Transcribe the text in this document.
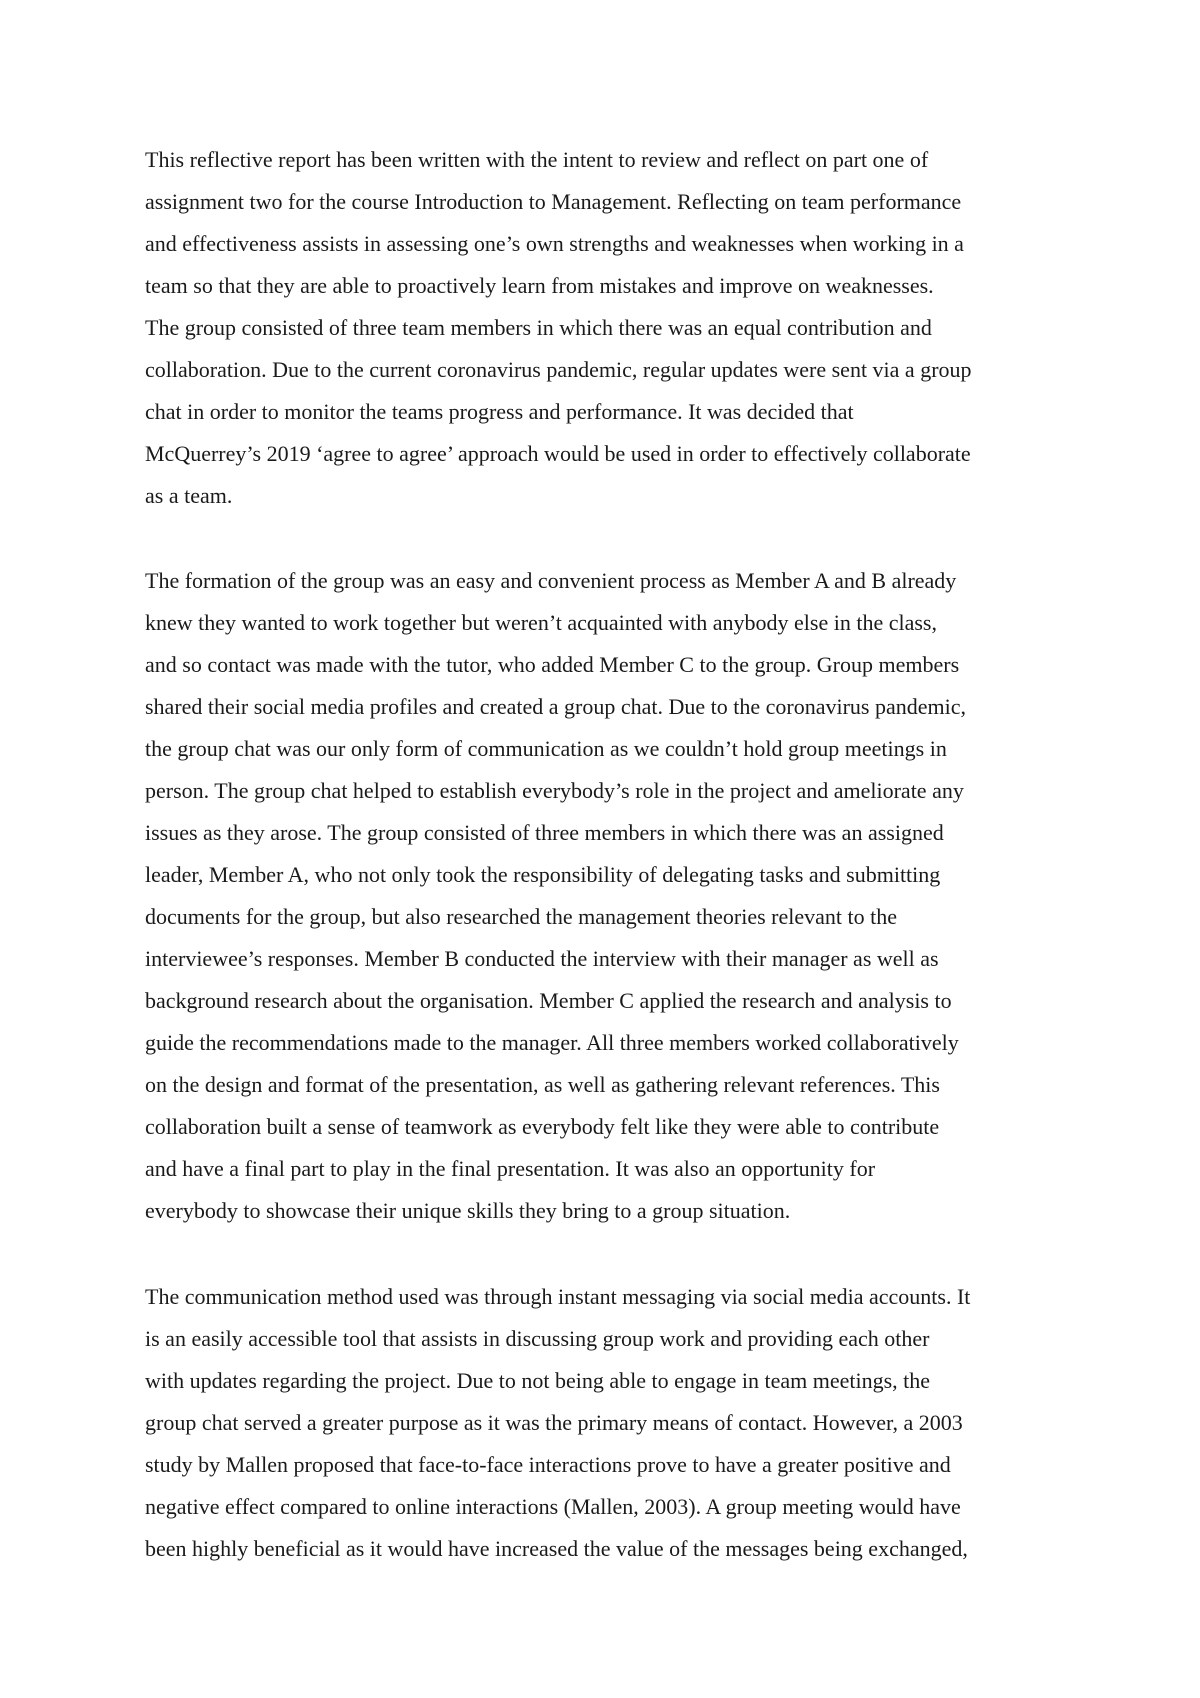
This reflective report has been written with the intent to review and reflect on part one of
assignment two for the course Introduction to Management. Reflecting on team performance
and effectiveness assists in assessing one’s own strengths and weaknesses when working in a
team so that they are able to proactively learn from mistakes and improve on weaknesses.
The group consisted of three team members in which there was an equal contribution and
collaboration. Due to the current coronavirus pandemic, regular updates were sent via a group
chat in order to monitor the teams progress and performance. It was decided that
McQuerrey’s 2019 ‘agree to agree’ approach would be used in order to effectively collaborate
as a team.
The formation of the group was an easy and convenient process as Member A and B already
knew they wanted to work together but weren’t acquainted with anybody else in the class,
and so contact was made with the tutor, who added Member C to the group. Group members
shared their social media profiles and created a group chat. Due to the coronavirus pandemic,
the group chat was our only form of communication as we couldn’t hold group meetings in
person. The group chat helped to establish everybody’s role in the project and ameliorate any
issues as they arose. The group consisted of three members in which there was an assigned
leader, Member A, who not only took the responsibility of delegating tasks and submitting
documents for the group, but also researched the management theories relevant to the
interviewee’s responses. Member B conducted the interview with their manager as well as
background research about the organisation. Member C applied the research and analysis to
guide the recommendations made to the manager. All three members worked collaboratively
on the design and format of the presentation, as well as gathering relevant references. This
collaboration built a sense of teamwork as everybody felt like they were able to contribute
and have a final part to play in the final presentation. It was also an opportunity for
everybody to showcase their unique skills they bring to a group situation.
The communication method used was through instant messaging via social media accounts. It
is an easily accessible tool that assists in discussing group work and providing each other
with updates regarding the project. Due to not being able to engage in team meetings, the
group chat served a greater purpose as it was the primary means of contact. However, a 2003
study by Mallen proposed that face-to-face interactions prove to have a greater positive and
negative effect compared to online interactions (Mallen, 2003). A group meeting would have
been highly beneficial as it would have increased the value of the messages being exchanged,
